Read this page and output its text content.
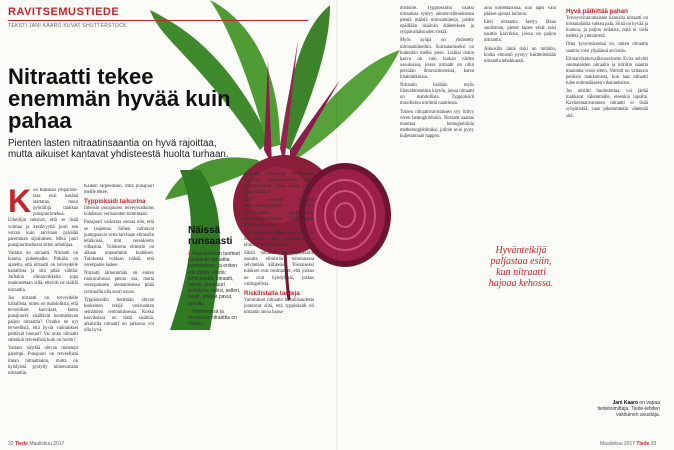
RAVITSEMUSTIEDE
TEKSTI JANI KAARO KUVAT SHUTTERSTOCK
Nitraatti tekee enemmän hyvää kuin pahaa
Pienten lasten nitraatinsaantia on hyvä rajoittaa, mutta aikuiset kantavat yhdisteestä huolta turhaan.
K un Ranskan ympäristötaas ensi kesänä startataa, moni pyöräilijä tankkaa punajuurimehua. Urheilijat uskovat, että se lisää voimaa ja kestävyyttä juuri sen verran kuin tarvitaan pykälää paremman sijoituksen. Mikä juuri punajuurimehussa sitten urheilijaa.

Vastaus on nitraatti. Nitraatti on kuuma puheenaihe. Pitkään on ajateltu, että nitraatti on terveydelle haitallista ja sitä pitää välttää. Joiltakin elintarvikkeita jopa mainostetaan sillä, etteivät ne sisällä nitraattia.

Jos nitraatti on terveydelle haitallista, miten on mahdollista, että terveelliset kasvikset, kuten punajuuret, sisältävät huomattavan paljon nitraattia? Ovatko ne nyt terveellisiä, että hyvät vaikutukset peittävät huonot? Vai onko nitraatti sittenkin terveellistä kuin on luultu?

Vastaus näyttää olevan molempi parempi. Punajuuri on terveellistä ilman nitraattiakin, mutta on hyödyistä pystytty nimenomaan nitraattiin.

Kaiken tarpeellisen, mitä punajuuri meille tekee.

Typpioksidi taikurina

Ilmeisin punajuuren terveysvaikutus kohdistuu verisuonten toimintaan.

Punajuuri vaikuttaa suoraa niin, että se laajentaa. Siihen vaihtuvat pumppaavat verta tarvitaan elimistön tehtävissä, mm. verenkierto vilkastuu. Tuloksena elimistö on aikaan nopeammin kudokset. Tuloksena voidaan nähdä, että verenpaine laskee.

Nitraatti tärkeimmän on eniten ruokavaliossa pienin osa, mutta verenpaineen alentamisessa pitää ravinnolla olla suuri osuus.

Typpioksidin tiedetään olevan keskeinen tekijä verisuonten seinämien rentoutuksessa. Koska kasviksissa on tästä sisältöä, aikuisilla nitraatti on jatkossa voi olla hyvä.

Näissä runsaasti
● Kasviksinnan tuotteet sisältävät nitraattia luonnostaan, ja eniten sitä löytyy näistä: lehtisalaatti, pinaatti, rukola, punajuuri porkkana, retiisi, selleri, kaalit, uhkeat pavut, persilja.
● Hedelmissä ja marjoissa nitraattia on vähän.

perilisen rintakivun lievitykseen käytetyn nitroglyseriinin teho. Nitroglyseriini hajoaa kielen päällä typpioksidiksi.

Näin kysymys nitraatin terveysvaikutuksista kiertyy kysymykseksi typpioksidin terveysvaikutuksista. Tämä tekee asian haastavaksi.

Typpioksidi on olennaisen tärkeä. Se on aineen suuri hyödyllinen ja elimistö tuottaa sitä itse.

Sikäli nitraatin ja typpioksidin osuutta elimistön toiminnassa selvitetään kiihkeästi. Toistaiseksi tulokset ovat osoittaneet, että joskus ne ovat hyödyllisiä, joskus vahingollisia.

Riskilistalla tauteja

Varoitukset nitraatin haitallisuudesta juontavat siitä, että typpioksidi eli nitraatin ainoa hajoa-

mistuote. Typpioksidin lisäksi nitraatista syntyy ainoenvaihtoeinensa pieniä määriä nitrosamiineja, joiden epäillään lisäävän diabeteksen ja syöpävaltaisuuden riskiä.

Myös syöpä on yhdistetty nitrosamiineihin. Suirautamiseksi on kuitenkin melko pieni. Lisäksi riskin kasvu on vain hiukan niiden osuuksissa, joissa nitraatti on ollut perisään ilmavalmisteista, kuten lihakinkkuissa.

Nitraatin lisätään myös lihavalmisteiden käytön, joissa nitraatti on mahdollista. Typpioksidi muodostuu nitriittiä nauttiessa.

Toinen nitraattivaroituksen syy liittyy veren hemoglobiiniin. Nitraatti saattaa muuttaa hemoglobiinia methemoglobiiniksi, jolloin se ei pysty kuljettamaan happea.

aina koidettaisissa, kun lapsi vain pääsee ajoissa hoitoon.

Ettei nitraattia kertyy liikaa suolistoon, pienet lapset eivät saisi nauttia kasviksia, joissa on paljon nitraattia.

Aikuisilla tämä riski on mitätön, koska elimistö pystyy käsittelemään nitraattia tehokkaasti.

Hyvänteikijä paljastaa esiin, kun nitraatti hajoaa kehossa.
Hyvä päihittää pahan

Terveysviranomaisten kannalta nitraatti on kiistanalaista vaikea pala. Siinä on hyvää ja huonoa, ja paljon sellaista, mitä ei vielä tiedetä ja ymmärretä.

Oma kysymyksensä on, miten nitraatin saantia voisi ylipäänsä arvioida.

Elintarviketurvallisuusvirasto Evira selvitti suomalaisten nitraatin ja nitriitin saantia muutama vuosi sitten. Nitriitti on valtaosin peräisin makkaroista, kun taas nitraatti tulee enimmäkseen vihanneksista.

Jos nitriitti huolestuttaa, voi jättää makkarat vähemmälle, eteenkin lapsilta. Kaviteemanvarainen nitraatti ei lisää syöpäriskiä, vaan pikemminkin vähentää sitä.

Jani Kaaro on vapaa tiedetoimittaja. Tiede-lehden vakituinen avustaja.
32 Tiede Maaliskuu 2017	Maaliskuu 2017 Tiede 33
